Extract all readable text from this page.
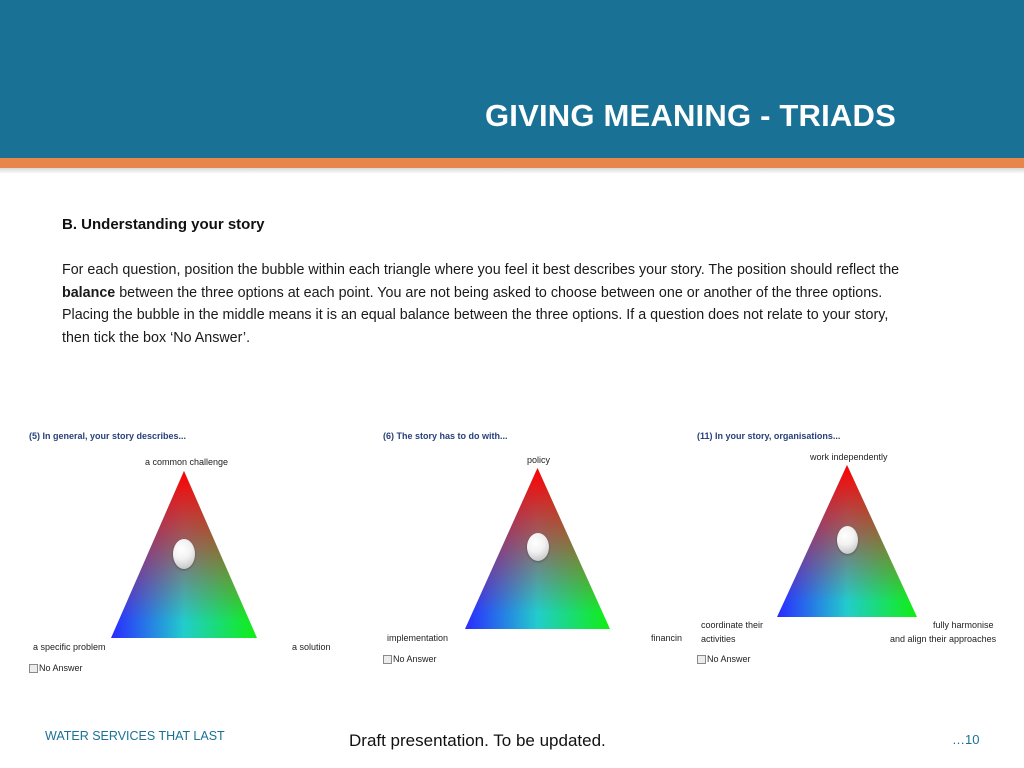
GIVING MEANING - TRIADS
B. Understanding your story

For each question, position the bubble within each triangle where you feel it best describes your story. The position should reflect the balance between the three options at each point. You are not being asked to choose between one or another of the three options. Placing the bubble in the middle means it is an equal balance between the three options. If a question does not relate to your story, then tick the box ‘No Answer’.

(5) In general, your story describes...
a common challenge
a specific problem	a solution
No Answer
(6) The story has to do with...
policy
implementation	financin
No Answer
(11) In your story, organisations...
work independently
coordinate their
activities
fully harmonise
and align their approaches
No Answer
WATER SERVICES THAT LAST	Draft presentation. To be updated.	…10
